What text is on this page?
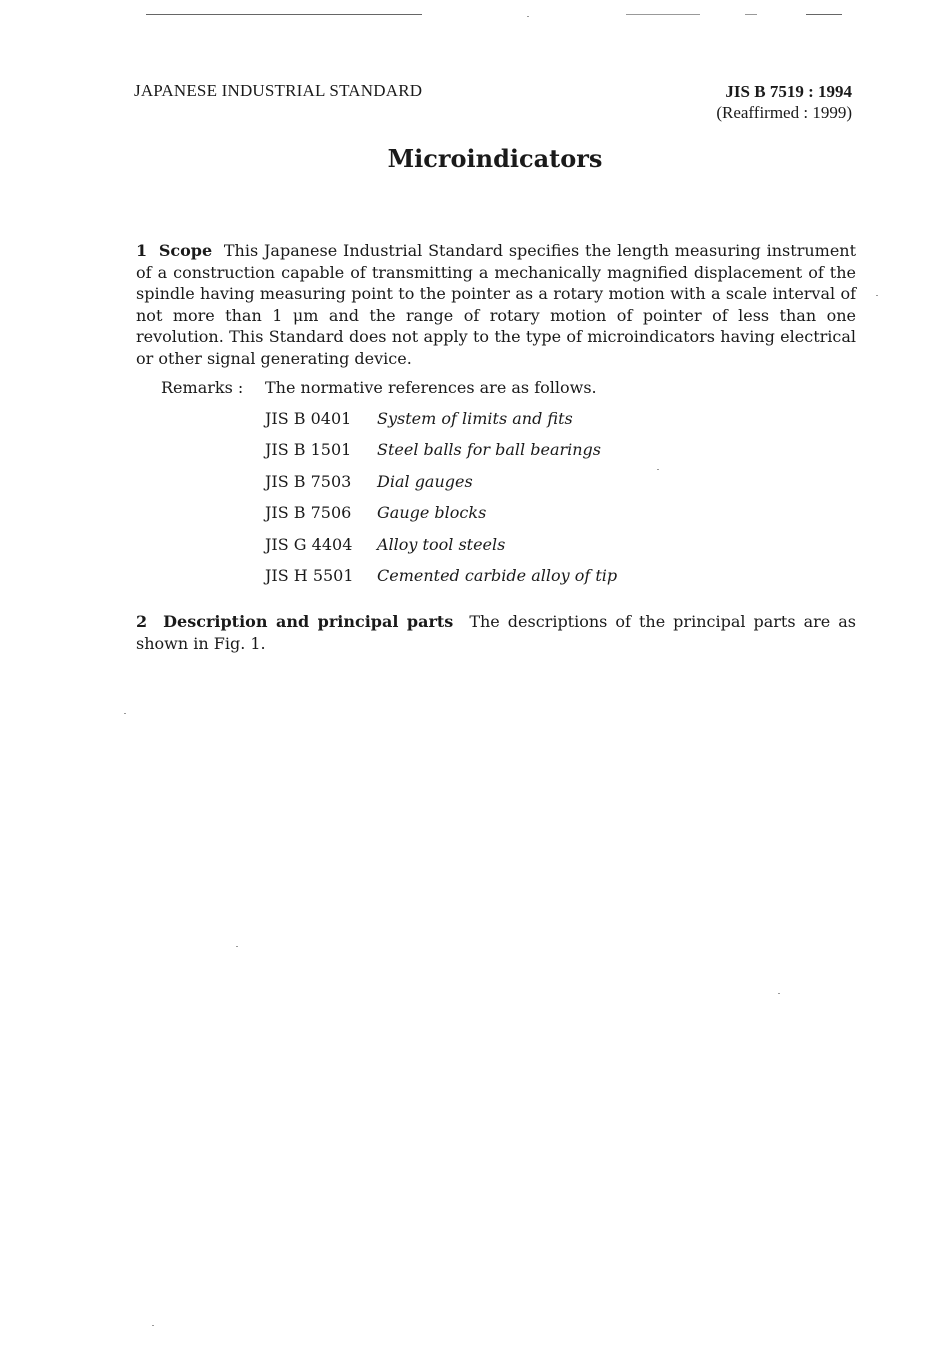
JAPANESE INDUSTRIAL STANDARD	JIS B 7519 : 1994
(Reaffirmed : 1999)
Microindicators
1 Scope This Japanese Industrial Standard specifies the length measuring instrument of a construction capable of transmitting a mechanically magnified displacement of the spindle having measuring point to the pointer as a rotary motion with a scale interval of not more than 1 μm and the range of rotary motion of pointer of less than one revolution. This Standard does not apply to the type of microindicators having electrical or other signal generating device.
Remarks : The normative references are as follows.
JIS B 0401 System of limits and fits
JIS B 1501 Steel balls for ball bearings
JIS B 7503 Dial gauges
JIS B 7506 Gauge blocks
JIS G 4404 Alloy tool steels
JIS H 5501 Cemented carbide alloy of tip
2 Description and principal parts The descriptions of the principal parts are as shown in Fig. 1.
